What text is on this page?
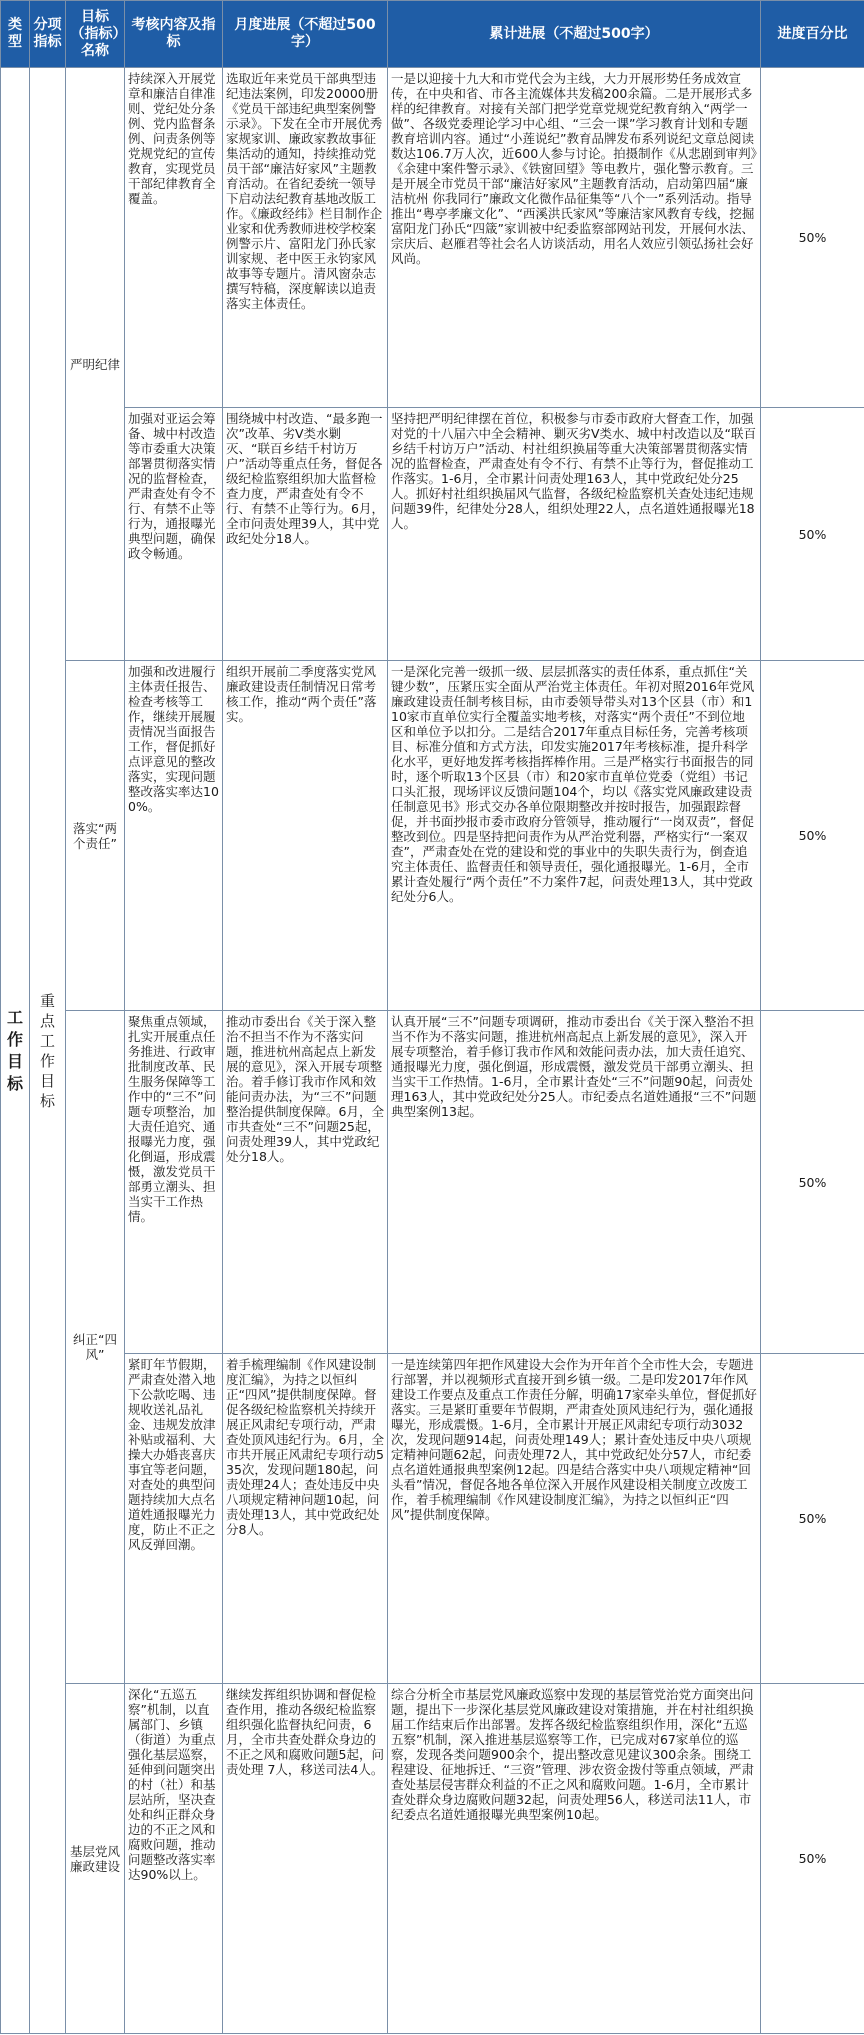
类型	分项指标	目标（指标）名称	考核内容及指标	月度进展（不超过500字）	累计进展（不超过500字）	进度百分比
工作目标	重点工作目标	严明纪律	持续深入开展党章和廉洁自律准则、党纪处分条例、党内监督条例、问责条例等党规党纪的宣传教育，实现党员干部纪律教育全覆盖。	选取近年来党员干部典型违纪违法案例，印发20000册《党员干部违纪典型案例警示录》。下发在全市开展优秀家规家训、廉政家教故事征集活动的通知，持续推动党员干部“廉洁好家风”主题教育活动。在省纪委统一领导下启动法纪教育基地改版工作。《廉政经纬》栏目制作企业家和优秀教师进校学校案例警示片、富阳龙门孙氏家训家规、老中医王永钧家风故事等专题片。清风窗杂志撰写特稿，深度解读以追责落实主体责任。	一是以迎接十九大和市党代会为主线，大力开展形势任务成效宣传，在中央和省、市各主流媒体共发稿200余篇。二是开展形式多样的纪律教育。对接有关部门把学党章党规党纪教育纳入“两学一做”、各级党委理论学习中心组、“三会一课”学习教育计划和专题教育培训内容。通过“小莲说纪”教育品牌发布系列说纪文章总阅读数达106.7万人次，近600人参与讨论。拍摄制作《从悲剧到审判》《余建中案件警示录》、《铁窗回望》等电教片，强化警示教育。三是开展全市党员干部“廉洁好家风”主题教育活动，启动第四届“廉洁杭州 你我同行”廉政文化微作品征集等“八个一”系列活动。指导推出“粤亭孝廉文化”、“西溪洪氏家风”等廉洁家风教育专线，挖掘富阳龙门孙氏“四箴”家训被中纪委监察部网站刊发，开展何水法、宗庆后、赵雁君等社会名人访谈活动，用名人效应引领弘扬社会好风尚。	50%
			加强对亚运会筹备、城中村改造等市委重大决策部署贯彻落实情况的监督检查，严肃查处有令不行、有禁不止等行为，通报曝光典型问题，确保政令畅通。	围绕城中村改造、“最多跑一次”改革、劣V类水剿灭、“联百乡结千村访万户”活动等重点任务，督促各级纪检监察组织加大监督检查力度，严肃查处有令不行、有禁不止等行为。6月，全市问责处理39人，其中党政纪处分18人。	坚持把严明纪律摆在首位，积极参与市委市政府大督查工作，加强对党的十八届六中全会精神、剿灭劣V类水、城中村改造以及“联百乡结千村访万户”活动、村社组织换届等重大决策部署贯彻落实情况的监督检查，严肃查处有令不行、有禁不止等行为，督促推动工作落实。1-6月，全市累计问责处理163人，其中党政纪处分25人。抓好村社组织换届风气监督，各级纪检监察机关查处违纪违规问题39件，纪律处分28人，组织处理22人，点名道姓通报曝光18人。	50%
		落实“两个责任”	加强和改进履行主体责任报告、检查考核等工作，继续开展履责情况当面报告工作，督促抓好点评意见的整改落实，实现问题整改落实率达100%。	组织开展前二季度落实党风廉政建设责任制情况日常考核工作，推动“两个责任”落实。	一是深化完善一级抓一级、层层抓落实的责任体系，重点抓住“关键少数”，压紧压实全面从严治党主体责任。年初对照2016年党风廉政建设责任制考核目标，由市委领导带头对13个区县（市）和110家市直单位实行全覆盖实地考核，对落实“两个责任”不到位地区和单位予以扣分。二是结合2017年重点目标任务，完善考核项目、标准分值和方式方法，印发实施2017年考核标准，提升科学化水平，更好地发挥考核指挥棒作用。三是严格实行书面报告的同时，逐个听取13个区县（市）和20家市直单位党委（党组）书记口头汇报，现场评议反馈问题104个，均以《落实党风廉政建设责任制意见书》形式交办各单位限期整改并按时报告，加强跟踪督促，并书面抄报市委市政府分管领导，推动履行“一岗双责”，督促整改到位。四是坚持把问责作为从严治党利器，严格实行“一案双查”，严肃查处在党的建设和党的事业中的失职失责行为，倒查追究主体责任、监督责任和领导责任，强化通报曝光。1-6月，全市累计查处履行“两个责任”不力案件7起，问责处理13人，其中党政纪处分6人。	50%
		纠正“四风”	聚焦重点领域，扎实开展重点任务推进、行政审批制度改革、民生服务保障等工作中的“三不”问题专项整治，加大责任追究、通报曝光力度，强化倒逼，形成震慑，激发党员干部勇立潮头、担当实干工作热情。	推动市委出台《关于深入整治不担当不作为不落实问题，推进杭州高起点上新发展的意见》，深入开展专项整治。着手修订我市作风和效能问责办法，为“三不”问题整治提供制度保障。6月，全市共查处“三不”问题25起，问责处理39人，其中党政纪处分18人。	认真开展“三不”问题专项调研，推动市委出台《关于深入整治不担当不作为不落实问题，推进杭州高起点上新发展的意见》，深入开展专项整治，着手修订我市作风和效能问责办法，加大责任追究、通报曝光力度，强化倒逼，形成震慑，激发党员干部勇立潮头、担当实干工作热情。1-6月，全市累计查处“三不”问题90起，问责处理163人，其中党政纪处分25人。市纪委点名道姓通报“三不”问题典型案例13起。	50%
			紧盯年节假期，严肃查处潜入地下公款吃喝、违规收送礼品礼金、违规发放津补贴或福利、大操大办婚丧喜庆事宜等老问题，对查处的典型问题持续加大点名道姓通报曝光力度，防止不正之风反弹回潮。	着手梳理编制《作风建设制度汇编》，为持之以恒纠正“四风”提供制度保障。督促各级纪检监察机关持续开展正风肃纪专项行动，严肃查处顶风违纪行为。6月，全市共开展正风肃纪专项行动535次，发现问题180起，问责处理24人；查处违反中央八项规定精神问题10起，问责处理13人，其中党政纪处分8人。	一是连续第四年把作风建设大会作为开年首个全市性大会，专题进行部署，并以视频形式直接开到乡镇一级。二是印发2017年作风建设工作要点及重点工作责任分解，明确17家牵头单位，督促抓好落实。三是紧盯重要年节假期，严肃查处顶风违纪行为，强化通报曝光，形成震慑。1-6月，全市累计开展正风肃纪专项行动3032次，发现问题914起，问责处理149人；累计查处违反中央八项规定精神问题62起，问责处理72人，其中党政纪处分57人，市纪委点名道姓通报典型案例12起。四是结合落实中央八项规定精神“回头看”情况，督促各地各单位深入开展作风建设相关制度立改废工作，着手梳理编制《作风建设制度汇编》，为持之以恒纠正“四风”提供制度保障。	50%
		基层党风廉政建设	深化“五巡五察”机制，以直属部门、乡镇（街道）为重点强化基层巡察，延伸到问题突出的村（社）和基层站所，坚决查处和纠正群众身边的不正之风和腐败问题，推动问题整改落实率达90%以上。	继续发挥组织协调和督促检查作用，推动各级纪检监察组织强化监督执纪问责，6月，全市共查处群众身边的不正之风和腐败问题5起，问责处理 7人，移送司法4人。	综合分析全市基层党风廉政巡察中发现的基层管党治党方面突出问题，提出下一步深化基层党风廉政建设对策措施，并在村社组织换届工作结束后作出部署。发挥各级纪检监察组织作用，深化“五巡五察”机制，深入推进基层巡察等工作，已完成对67家单位的巡察，发现各类问题900余个，提出整改意见建议300余条。围绕工程建设、征地拆迁、“三资”管理、涉农资金拨付等重点领域，严肃查处基层侵害群众利益的不正之风和腐败问题。1-6月，全市累计查处群众身边腐败问题32起，问责处理56人，移送司法11人，市纪委点名道姓通报曝光典型案例10起。	50%
